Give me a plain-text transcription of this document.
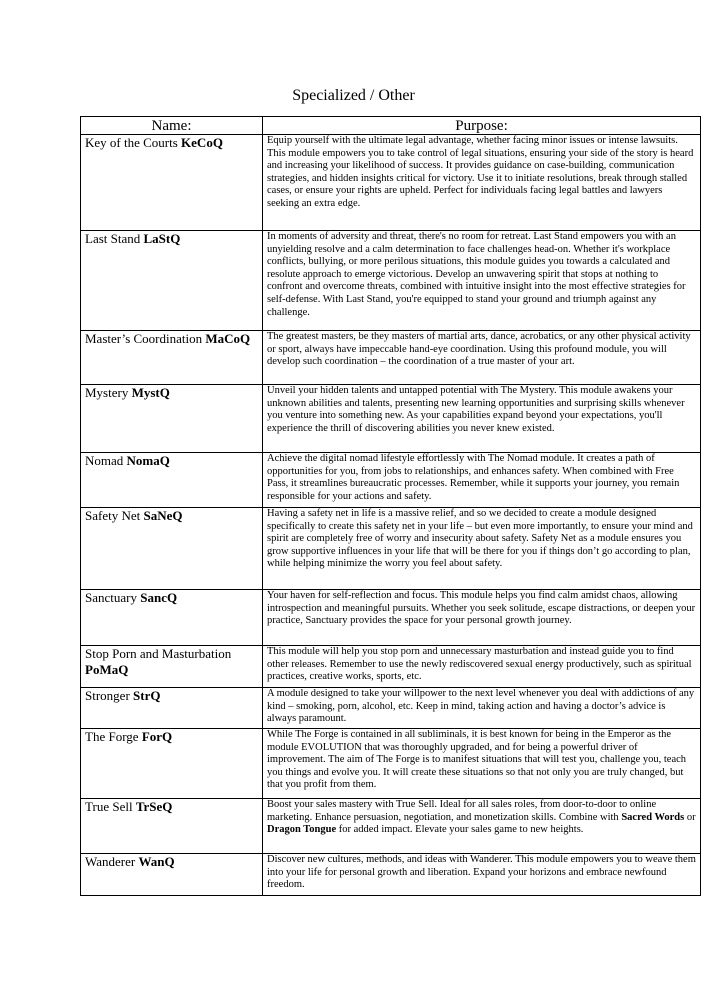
Specialized / Other
Name:	Purpose:
Key of the Courts KeCoQ	Equip yourself with the ultimate legal advantage, whether facing minor issues or intense lawsuits. This module empowers you to take control of legal situations, ensuring your side of the story is heard and increasing your likelihood of success. It provides guidance on case-building, communication strategies, and hidden insights critical for victory. Use it to initiate resolutions, break through stalled cases, or ensure your rights are upheld. Perfect for individuals facing legal battles and lawyers seeking an extra edge.
Last Stand LaStQ	In moments of adversity and threat, there's no room for retreat. Last Stand empowers you with an unyielding resolve and a calm determination to face challenges head-on. Whether it's workplace conflicts, bullying, or more perilous situations, this module guides you towards a calculated and resolute approach to emerge victorious. Develop an unwavering spirit that stops at nothing to confront and overcome threats, combined with intuitive insight into the most effective strategies for self-defense. With Last Stand, you're equipped to stand your ground and triumph against any challenge.
Master’s Coordination MaCoQ	The greatest masters, be they masters of martial arts, dance, acrobatics, or any other physical activity or sport, always have impeccable hand-eye coordination. Using this profound module, you will develop such coordination – the coordination of a true master of your art.
Mystery MystQ	Unveil your hidden talents and untapped potential with The Mystery. This module awakens your unknown abilities and talents, presenting new learning opportunities and surprising skills whenever you venture into something new. As your capabilities expand beyond your expectations, you'll experience the thrill of discovering abilities you never knew existed.
Nomad NomaQ	Achieve the digital nomad lifestyle effortlessly with The Nomad module. It creates a path of opportunities for you, from jobs to relationships, and enhances safety. When combined with Free Pass, it streamlines bureaucratic processes. Remember, while it supports your journey, you remain responsible for your actions and safety.
Safety Net SaNeQ	Having a safety net in life is a massive relief, and so we decided to create a module designed specifically to create this safety net in your life – but even more importantly, to ensure your mind and spirit are completely free of worry and insecurity about safety. Safety Net as a module ensures you grow supportive influences in your life that will be there for you if things don’t go according to plan, while helping minimize the worry you feel about safety.
Sanctuary SancQ	Your haven for self-reflection and focus. This module helps you find calm amidst chaos, allowing introspection and meaningful pursuits. Whether you seek solitude, escape distractions, or deepen your practice, Sanctuary provides the space for your personal growth journey.
Stop Porn and Masturbation PoMaQ	This module will help you stop porn and unnecessary masturbation and instead guide you to find other releases. Remember to use the newly rediscovered sexual energy productively, such as spiritual practices, creative works, sports, etc.
Stronger StrQ	A module designed to take your willpower to the next level whenever you deal with addictions of any kind – smoking, porn, alcohol, etc. Keep in mind, taking action and having a doctor’s advice is always paramount.
The Forge ForQ	While The Forge is contained in all subliminals, it is best known for being in the Emperor as the module EVOLUTION that was thoroughly upgraded, and for being a powerful driver of improvement. The aim of The Forge is to manifest situations that will test you, challenge you, teach you things and evolve you. It will create these situations so that not only you are truly changed, but that you profit from them.
True Sell TrSeQ	Boost your sales mastery with True Sell. Ideal for all sales roles, from door-to-door to online marketing. Enhance persuasion, negotiation, and monetization skills. Combine with Sacred Words or Dragon Tongue for added impact. Elevate your sales game to new heights.
Wanderer WanQ	Discover new cultures, methods, and ideas with Wanderer. This module empowers you to weave them into your life for personal growth and liberation. Expand your horizons and embrace newfound freedom.
